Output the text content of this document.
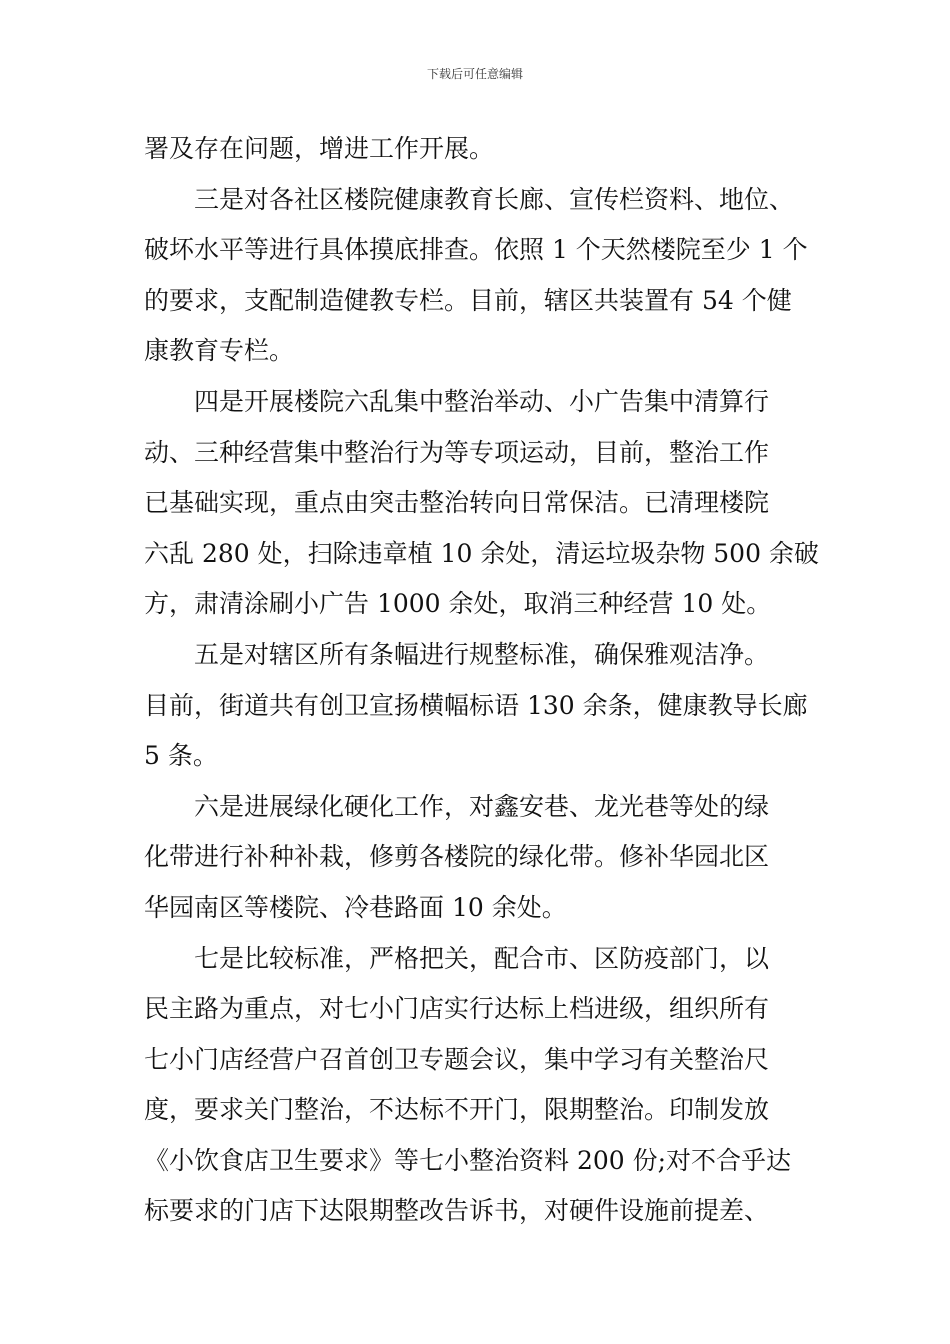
下载后可任意编辑
署及存在问题，增进工作开展。
三是对各社区楼院健康教育长廊、宣传栏资料、地位、
破坏水平等进行具体摸底排查。依照 1 个天然楼院至少 1 个
的要求，支配制造健教专栏。目前，辖区共装置有 54 个健
康教育专栏。
四是开展楼院六乱集中整治举动、小广告集中清算行
动、三种经营集中整治行为等专项运动，目前，整治工作
已基础实现，重点由突击整治转向日常保洁。已清理楼院
六乱 280 处，扫除违章植 10 余处，清运垃圾杂物 500 余破
方，肃清涂刷小广告 1000 余处，取消三种经营 10 处。
五是对辖区所有条幅进行规整标准，确保雅观洁净。
目前，街道共有创卫宣扬横幅标语 130 余条，健康教导长廊
5 条。
六是进展绿化硬化工作，对鑫安巷、龙光巷等处的绿
化带进行补种补栽，修剪各楼院的绿化带。修补华园北区
华园南区等楼院、冷巷路面 10 余处。
七是比较标准，严格把关，配合市、区防疫部门，以
民主路为重点，对七小门店实行达标上档进级，组织所有
七小门店经营户召首创卫专题会议，集中学习有关整治尺
度，要求关门整治，不达标不开门，限期整治。印制发放
《小饮食店卫生要求》等七小整治资料 200 份;对不合乎达
标要求的门店下达限期整改告诉书，对硬件设施前提差、
